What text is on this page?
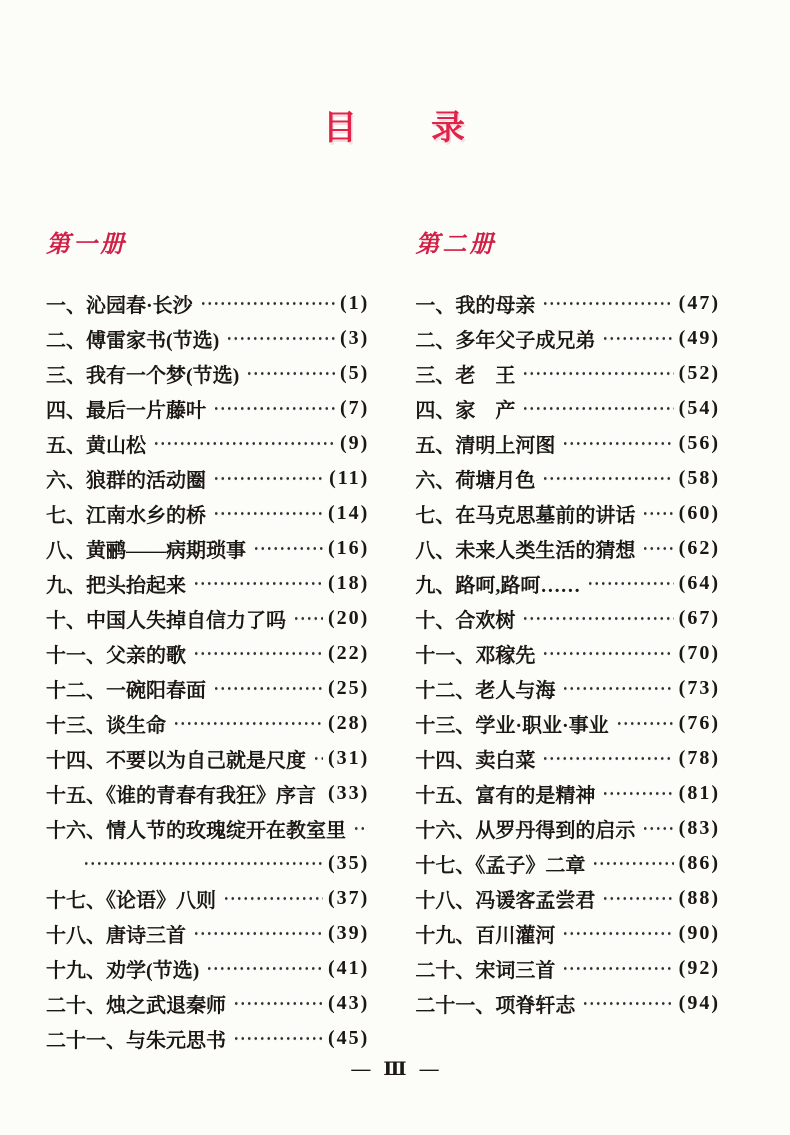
目　　录
第一册
一、沁园春·长沙	(1)
二、傅雷家书(节选)	(3)
三、我有一个梦(节选)	(5)
四、最后一片藤叶	(7)
五、黄山松	(9)
六、狼群的活动圈	(11)
七、江南水乡的桥	(14)
八、黄鹂——病期琐事	(16)
九、把头抬起来	(18)
十、中国人失掉自信力了吗 (20)
十一、父亲的歌	(22)
十二、一碗阳春面	(25)
十三、谈生命	(28)
十四、不要以为自己就是尺度 (31)
十五、《谁的青春有我狂》序言 (33)
十六、情人节的玫瑰绽开在教室里
(35)
十七、《论语》八则	(37)
十八、唐诗三首	(39)
十九、劝学(节选)	(41)
二十、烛之武退秦师	(43)
二十一、与朱元思书	(45)
第二册
一、我的母亲	(47)
二、多年父子成兄弟	(49)
三、老　王	(52)
四、家　产	(54)
五、清明上河图	(56)
六、荷塘月色	(58)
七、在马克思墓前的讲话 (60)
八、未来人类生活的猜想 (62)
九、路呵,路呵……	(64)
十、合欢树	(67)
十一、邓稼先	(70)
十二、老人与海	(73)
十三、学业·职业·事业	(76)
十四、卖白菜	(78)
十五、富有的是精神	(81)
十六、从罗丹得到的启示 (83)
十七、《孟子》二章	(86)
十八、冯谖客孟尝君	(88)
十九、百川灌河	(90)
二十、宋词三首	(92)
二十一、项脊轩志	(94)
— Ⅲ —
